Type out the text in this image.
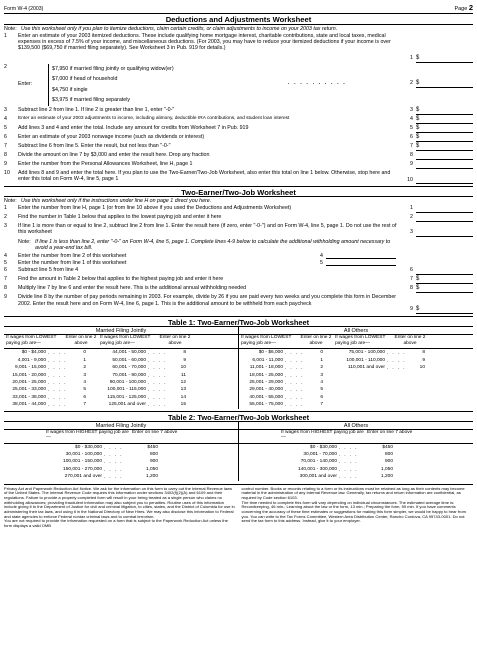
Form W-4 (2003)	Page 2
Deductions and Adjustments Worksheet
Note: Use this worksheet only if you plan to itemize deductions, claim certain credits, or claim adjustments to income on your 2003 tax return.
1	Enter an estimate of your 2003 itemized deductions. These include qualifying home mortgage interest, charitable contributions, state and local taxes, medical expenses in excess of 7.5% of your income, and miscellaneous deductions. (For 2003, you may have to reduce your itemized deductions if your income is over $139,500 ($69,750 if married filing separately). See Worksheet 3 in Pub. 919 for details.)
1
$
2
Enter:
$7,950 if married filing jointly or qualifying widow(er)
$7,000 if head of household
$4,750 if single
$3,975 if married filing separately
. . . . . . . . . .	2
$
3	Subtract line 2 from line 1. If line 2 is greater than line 1, enter "-0-"	3
$
4	Enter an estimate of your 2003 adjustments to income, including alimony, deductible IRA contributions, and student loan interest	4
$
5	Add lines 3 and 4 and enter the total. Include any amount for credits from Worksheet 7 in Pub. 919	5
$
6	Enter an estimate of your 2003 nonwage income (such as dividends or interest)	6
$
7	Subtract line 6 from line 5. Enter the result, but not less than "-0-"	7
$
8	Divide the amount on line 7 by $3,000 and enter the result here. Drop any fraction	8
9	Enter the number from the Personal Allowances Worksheet, line H, page 1	9
10	Add lines 8 and 9 and enter the total here. If you plan to use the Two-Earner/Two-Job Worksheet, also enter this total on line 1 below. Otherwise, stop here and enter this total on Form W-4, line 5, page 1	10
Two-Earner/Two-Job Worksheet
Note: Use this worksheet only if the instructions under line H on page 1 direct you here.
1	Enter the number from line H, page 1 (or from line 10 above if you used the Deductions and Adjustments Worksheet)	1
2	Find the number in Table 1 below that applies to the lowest paying job and enter it here	2
3	If line 1 is more than or equal to line 2, subtract line 2 from line 1. Enter the result here (if zero, enter "-0-") and on Form W-4, line 5, page 1. Do not use the rest of this worksheet	3
Note: If line 1 is less than line 2, enter "-0-" on Form W-4, line 5, page 1. Complete lines 4-9 below to calculate the additional withholding amount necessary to avoid a year-end tax bill.
4	Enter the number from line 2 of this worksheet	4
5	Enter the number from line 1 of this worksheet	5
6	Subtract line 5 from line 4	6
7	Find the amount in Table 2 below that applies to the highest paying job and enter it here	7
$
8	Multiply line 7 by line 6 and enter the result here. This is the additional annual withholding needed	8
$
9	Divide line 8 by the number of pay periods remaining in 2003. For example, divide by 26 if you are paid every two weeks and you complete this form in December 2002. Enter the result here and on Form W-4, line 6, page 1. This is the additional amount to be withheld from each paycheck
9
$
Table 1: Two-Earner/Two-Job Worksheet
Married Filing Jointly
If wages from LOWEST paying job are—
Enter on line 2 above
If wages from LOWEST paying job are—
Enter on line 2 above
$0 - $4,000 . . . .	0
4,001 - 9,000 . . . .	1
9,001 - 15,000 . . . .	2
15,001 - 20,000 . . . .	3
20,001 - 25,000 . . . .	4
25,001 - 33,000 . . . .	5
33,001 - 38,000 . . . .	6
38,001 - 44,000 . . . .	7
44,001 - 50,000 . . . .	8
50,001 - 60,000 . . . .	9
60,001 - 70,000 . . . .	10
70,001 - 90,000 . . . .	11
90,001 - 100,000 . . . .	12
100,001 - 115,000 . . . .	13
115,001 - 125,000 . . . .	14
125,001 and over . . . .	15
All Others
If wages from LOWEST paying job are—
Enter on line 2 above
If wages from LOWEST paying job are—
Enter on line 2 above
$0 - $6,000 . . . .	0
6,001 - 11,000 . . . .	1
11,001 - 18,000 . . . .	2
18,001 - 25,000 . . . .	3
25,001 - 29,000 . . . .	4
29,001 - 40,000 . . . .	5
40,001 - 55,000 . . . .	6
55,001 - 75,000 . . . .	7
75,001 - 100,000 . . . .	8
100,001 - 110,000 . . . .	9
110,001 and over . . . .	10
Table 2: Two-Earner/Two-Job Worksheet
Married Filing Jointly
If wages from HIGHEST paying job are—
Enter on line 7 above
$0 - $30,000 . . . .	$450
30,001 - 100,000 . . . .	800
100,001 - 150,000 . . . .	900
150,001 - 270,000 . . . .	1,050
270,001 and over . . . .	1,200
All Others
If wages from HIGHEST paying job are—
Enter on line 7 above
$0 - $30,000 . . . .	$450
30,001 - 70,000 . . . .	800
70,001 - 140,000 . . . .	900
140,001 - 300,000 . . . .	1,050
300,001 and over . . . .	1,200
Privacy Act and Paperwork Reduction Act Notice. We ask for the information on this form to carry out the Internal Revenue laws of the United States. The Internal Revenue Code requires this information under sections 3402(f)(2)(A) and 6109 and their regulations. Failure to provide a properly completed form will result in your being treated as a single person who claims no withholding allowances; providing fraudulent information may also subject you to penalties. Routine uses of this information include giving it to the Department of Justice for civil and criminal litigation, to cities, states, and the District of Columbia for use in administering their tax laws, and using it in the National Directory of New Hires. We may also disclose this information to Federal and state agencies to enforce Federal nontax criminal laws and to combat terrorism.
You are not required to provide the information requested on a form that is subject to the Paperwork Reduction Act unless the form displays a valid OMB
control number. Books or records relating to a form or its instructions must be retained as long as their contents may become material in the administration of any Internal Revenue law. Generally, tax returns and return information are confidential, as required by Code section 6103.
The time needed to complete this form will vary depending on individual circumstances. The estimated average time is: Recordkeeping, 46 min.; Learning about the law or the form, 13 min.; Preparing the form, 59 min. If you have comments concerning the accuracy of these time estimates or suggestions for making this form simpler, we would be happy to hear from you. You can write to the Tax Forms Committee, Western Area Distribution Center, Rancho Cordova, CA 95743-0001. Do not send the tax form to this address. Instead, give it to your employer.
